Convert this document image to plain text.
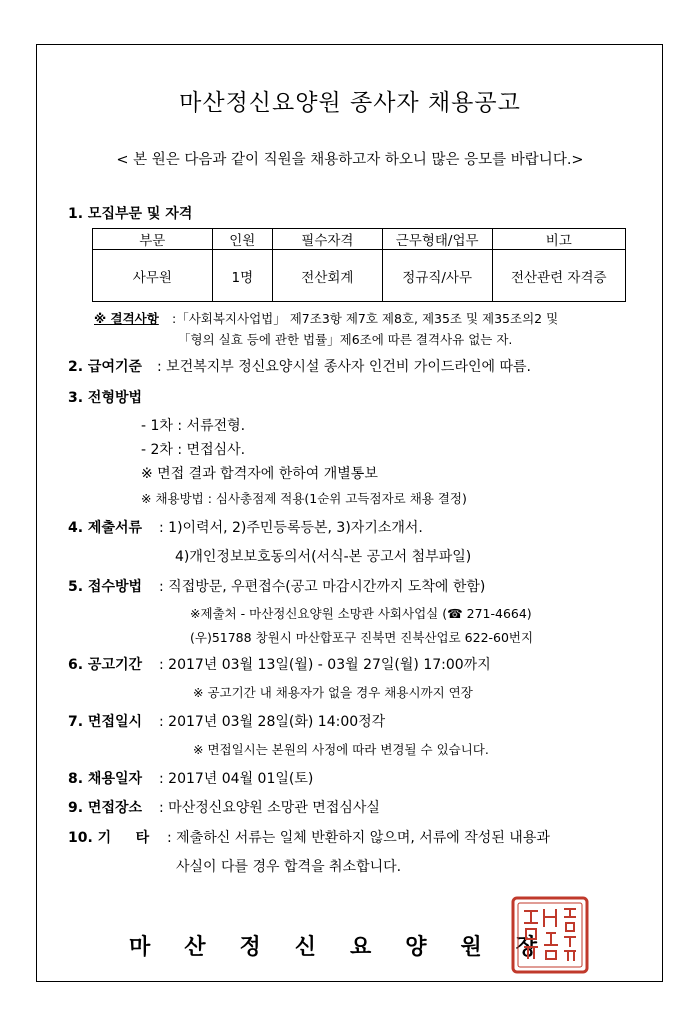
마산정신요양원 종사자 채용공고
< 본 원은 다음과 같이 직원을 채용하고자 하오니 많은 응모를 바랍니다.>
1. 모집부문 및 자격
부문	인원	필수자격	근무형태/업무	비고
사무원	1명	전산회계	정규직/사무	전산관련 자격증
※ 결격사항 :「사회복지사업법」 제7조3항 제7호 제8호, 제35조 및 제35조의2 및
「형의 실효 등에 관한 법률」제6조에 따른 결격사유 없는 자.
2. 급여기준 : 보건복지부 정신요양시설 종사자 인건비 가이드라인에 따름.
3. 전형방법
- 1차 : 서류전형.
- 2차 : 면접심사.
※ 면접 결과 합격자에 한하여 개별통보
※ 채용방법 : 심사총점제 적용(1순위 고득점자로 채용 결정)
4. 제출서류 : 1)이력서, 2)주민등록등본, 3)자기소개서.
4)개인정보보호동의서(서식-본 공고서 첨부파일)
5. 접수방법 : 직접방문, 우편접수(공고 마감시간까지 도착에 한함)
※제출처 - 마산정신요양원 소망관 사회사업실 (☎ 271-4664)
(우)51788 창원시 마산합포구 진북면 진북산업로 622-60번지
6. 공고기간 : 2017년 03월 13일(월) - 03월 27일(월) 17:00까지
※ 공고기간 내 채용자가 없을 경우 채용시까지 연장
7. 면접일시 : 2017년 03월 28일(화) 14:00정각
※ 면접일시는 본원의 사정에 따라 변경될 수 있습니다.
8. 채용일자 : 2017년 04월 01일(토)
9. 면접장소 : 마산정신요양원 소망관 면접심사실
10. 기     타 : 제출하신 서류는 일체 반환하지 않으며, 서류에 작성된 내용과
사실이 다를 경우 합격을 취소합니다.
마산정신요양원장
